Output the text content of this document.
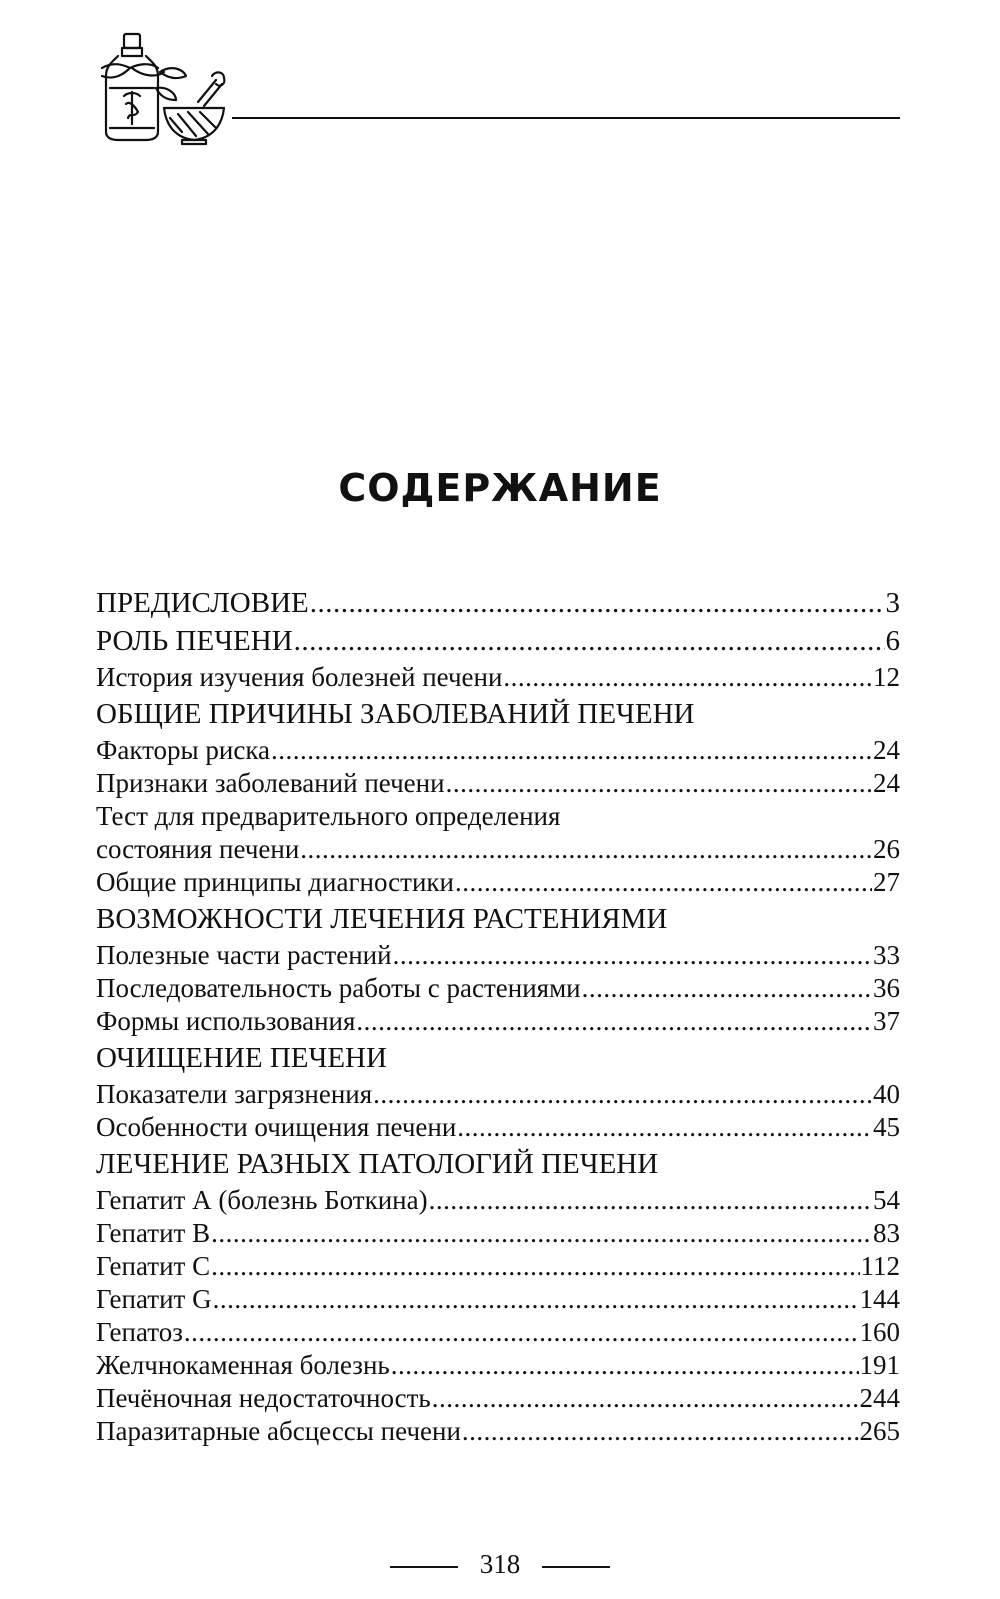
СОДЕРЖАНИЕ
ПРЕДИСЛОВИЕ .....	3
РОЛЬ ПЕЧЕНИ .....	6
История изучения болезней печени .....	12
ОБЩИЕ ПРИЧИНЫ ЗАБОЛЕВАНИЙ ПЕЧЕНИ
Факторы риска .....	24
Признаки заболеваний печени .....	24
Тест для предварительного определения
состояния печени .....	26
Общие принципы диагностики .....	27
ВОЗМОЖНОСТИ ЛЕЧЕНИЯ РАСТЕНИЯМИ
Полезные части растений .....	33
Последовательность работы с растениями .....	36
Формы использования .....	37
ОЧИЩЕНИЕ ПЕЧЕНИ
Показатели загрязнения .....	40
Особенности очищения печени .....	45
ЛЕЧЕНИЕ РАЗНЫХ ПАТОЛОГИЙ ПЕЧЕНИ
Гепатит А (болезнь Боткина) .....	54
Гепатит В .....	83
Гепатит С .....	112
Гепатит G .....	144
Гепатоз .....	160
Желчнокаменная болезнь .....	191
Печёночная недостаточность .....	244
Паразитарные абсцессы печени .....	265
318
